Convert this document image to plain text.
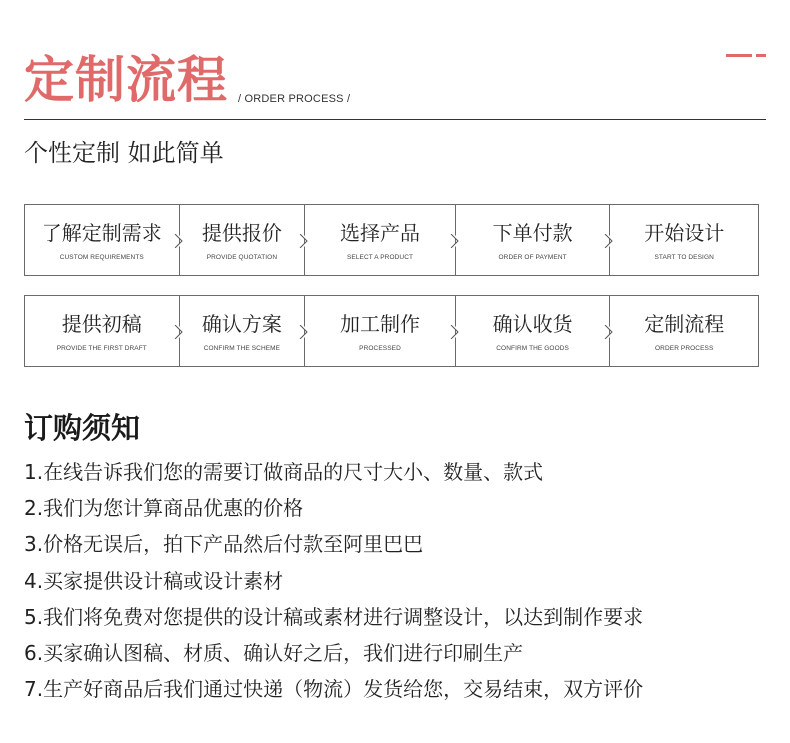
定制流程 / ORDER PROCESS /
个性定制 如此简单
了解定制需求
CUSTOM REQUIREMENTS
提供报价
PROVIDE QUOTATION
选择产品
SELECT A PRODUCT
下单付款
ORDER OF PAYMENT
开始设计
START TO DESIGN
提供初稿
PROVIDE THE FIRST DRAFT
确认方案
CONFIRM THE SCHEME
加工制作
PROCESSED
确认收货
CONFIRM THE GOODS
定制流程
ORDER PROCESS
订购须知
1.在线告诉我们您的需要订做商品的尺寸大小、数量、款式
2.我们为您计算商品优惠的价格
3.价格无误后，拍下产品然后付款至阿里巴巴
4.买家提供设计稿或设计素材
5.我们将免费对您提供的设计稿或素材进行调整设计，以达到制作要求
6.买家确认图稿、材质、确认好之后，我们进行印刷生产
7.生产好商品后我们通过快递（物流）发货给您，交易结束，双方评价
